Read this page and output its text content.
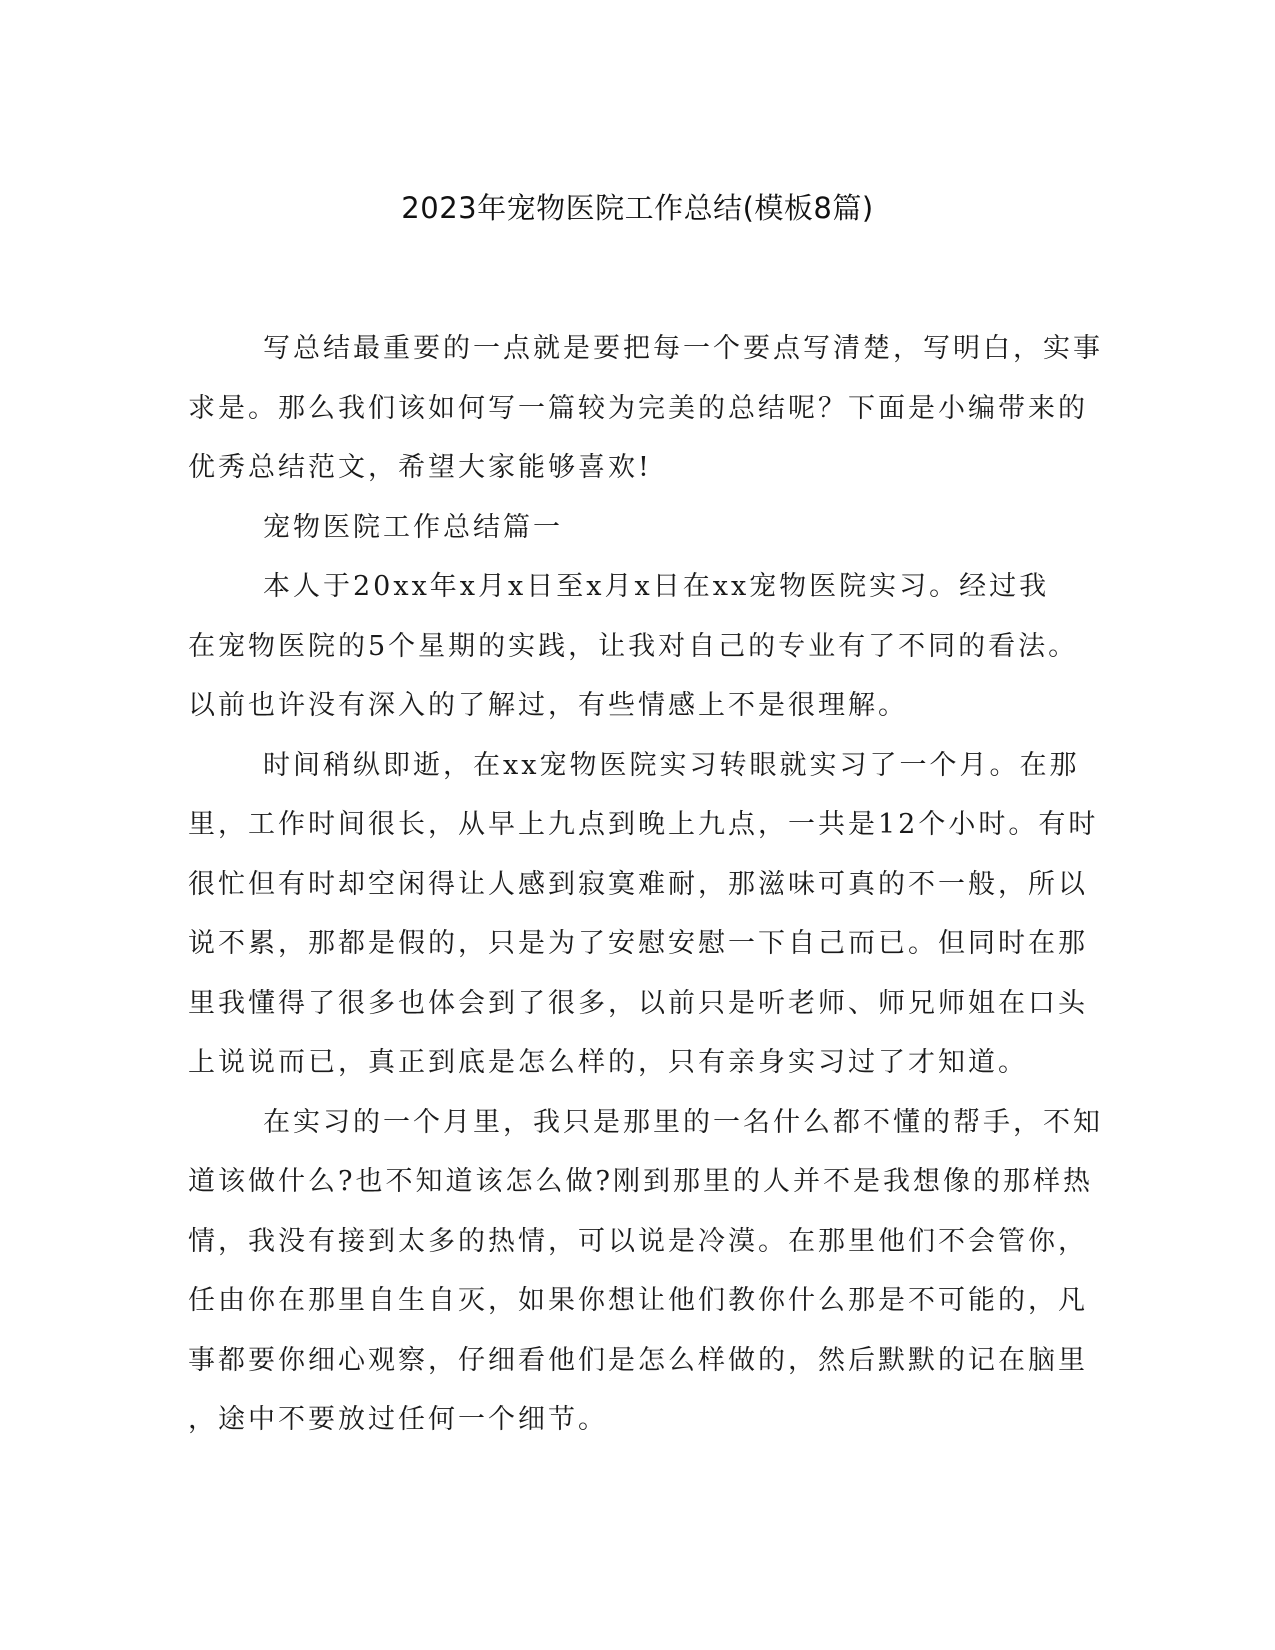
2023年宠物医院工作总结(模板8篇)
写总结最重要的一点就是要把每一个要点写清楚，写明白，实事
求是。那么我们该如何写一篇较为完美的总结呢？下面是小编带来的
优秀总结范文，希望大家能够喜欢!
宠物医院工作总结篇一
本人于20xx年x月x日至x月x日在xx宠物医院实习。经过我
在宠物医院的5个星期的实践，让我对自己的专业有了不同的看法。
以前也许没有深入的了解过，有些情感上不是很理解。
时间稍纵即逝，在xx宠物医院实习转眼就实习了一个月。在那
里，工作时间很长，从早上九点到晚上九点，一共是12个小时。有时
很忙但有时却空闲得让人感到寂寞难耐，那滋味可真的不一般，所以
说不累，那都是假的，只是为了安慰安慰一下自己而已。但同时在那
里我懂得了很多也体会到了很多，以前只是听老师、师兄师姐在口头
上说说而已，真正到底是怎么样的，只有亲身实习过了才知道。
在实习的一个月里，我只是那里的一名什么都不懂的帮手，不知
道该做什么?也不知道该怎么做?刚到那里的人并不是我想像的那样热
情，我没有接到太多的热情，可以说是冷漠。在那里他们不会管你，
任由你在那里自生自灭，如果你想让他们教你什么那是不可能的，凡
事都要你细心观察，仔细看他们是怎么样做的，然后默默的记在脑里
，途中不要放过任何一个细节。
